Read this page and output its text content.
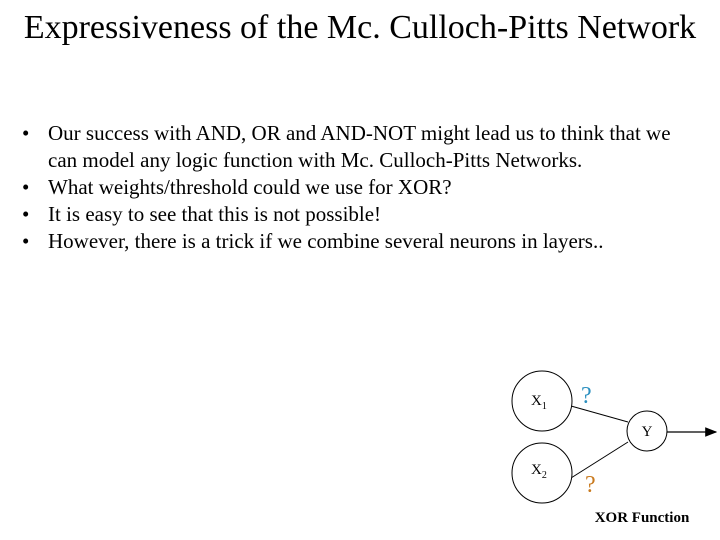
Expressiveness of the Mc. Culloch-Pitts Network
• Our success with AND, OR and AND-NOT might lead us to think that we can model any logic function with Mc. Culloch-Pitts Networks.
• What weights/threshold could we use for XOR?
• It is easy to see that this is not possible!
• However, there is a trick if we combine several neurons in layers..
$X_1$
$X_2$
Y
?
?
XOR Function
